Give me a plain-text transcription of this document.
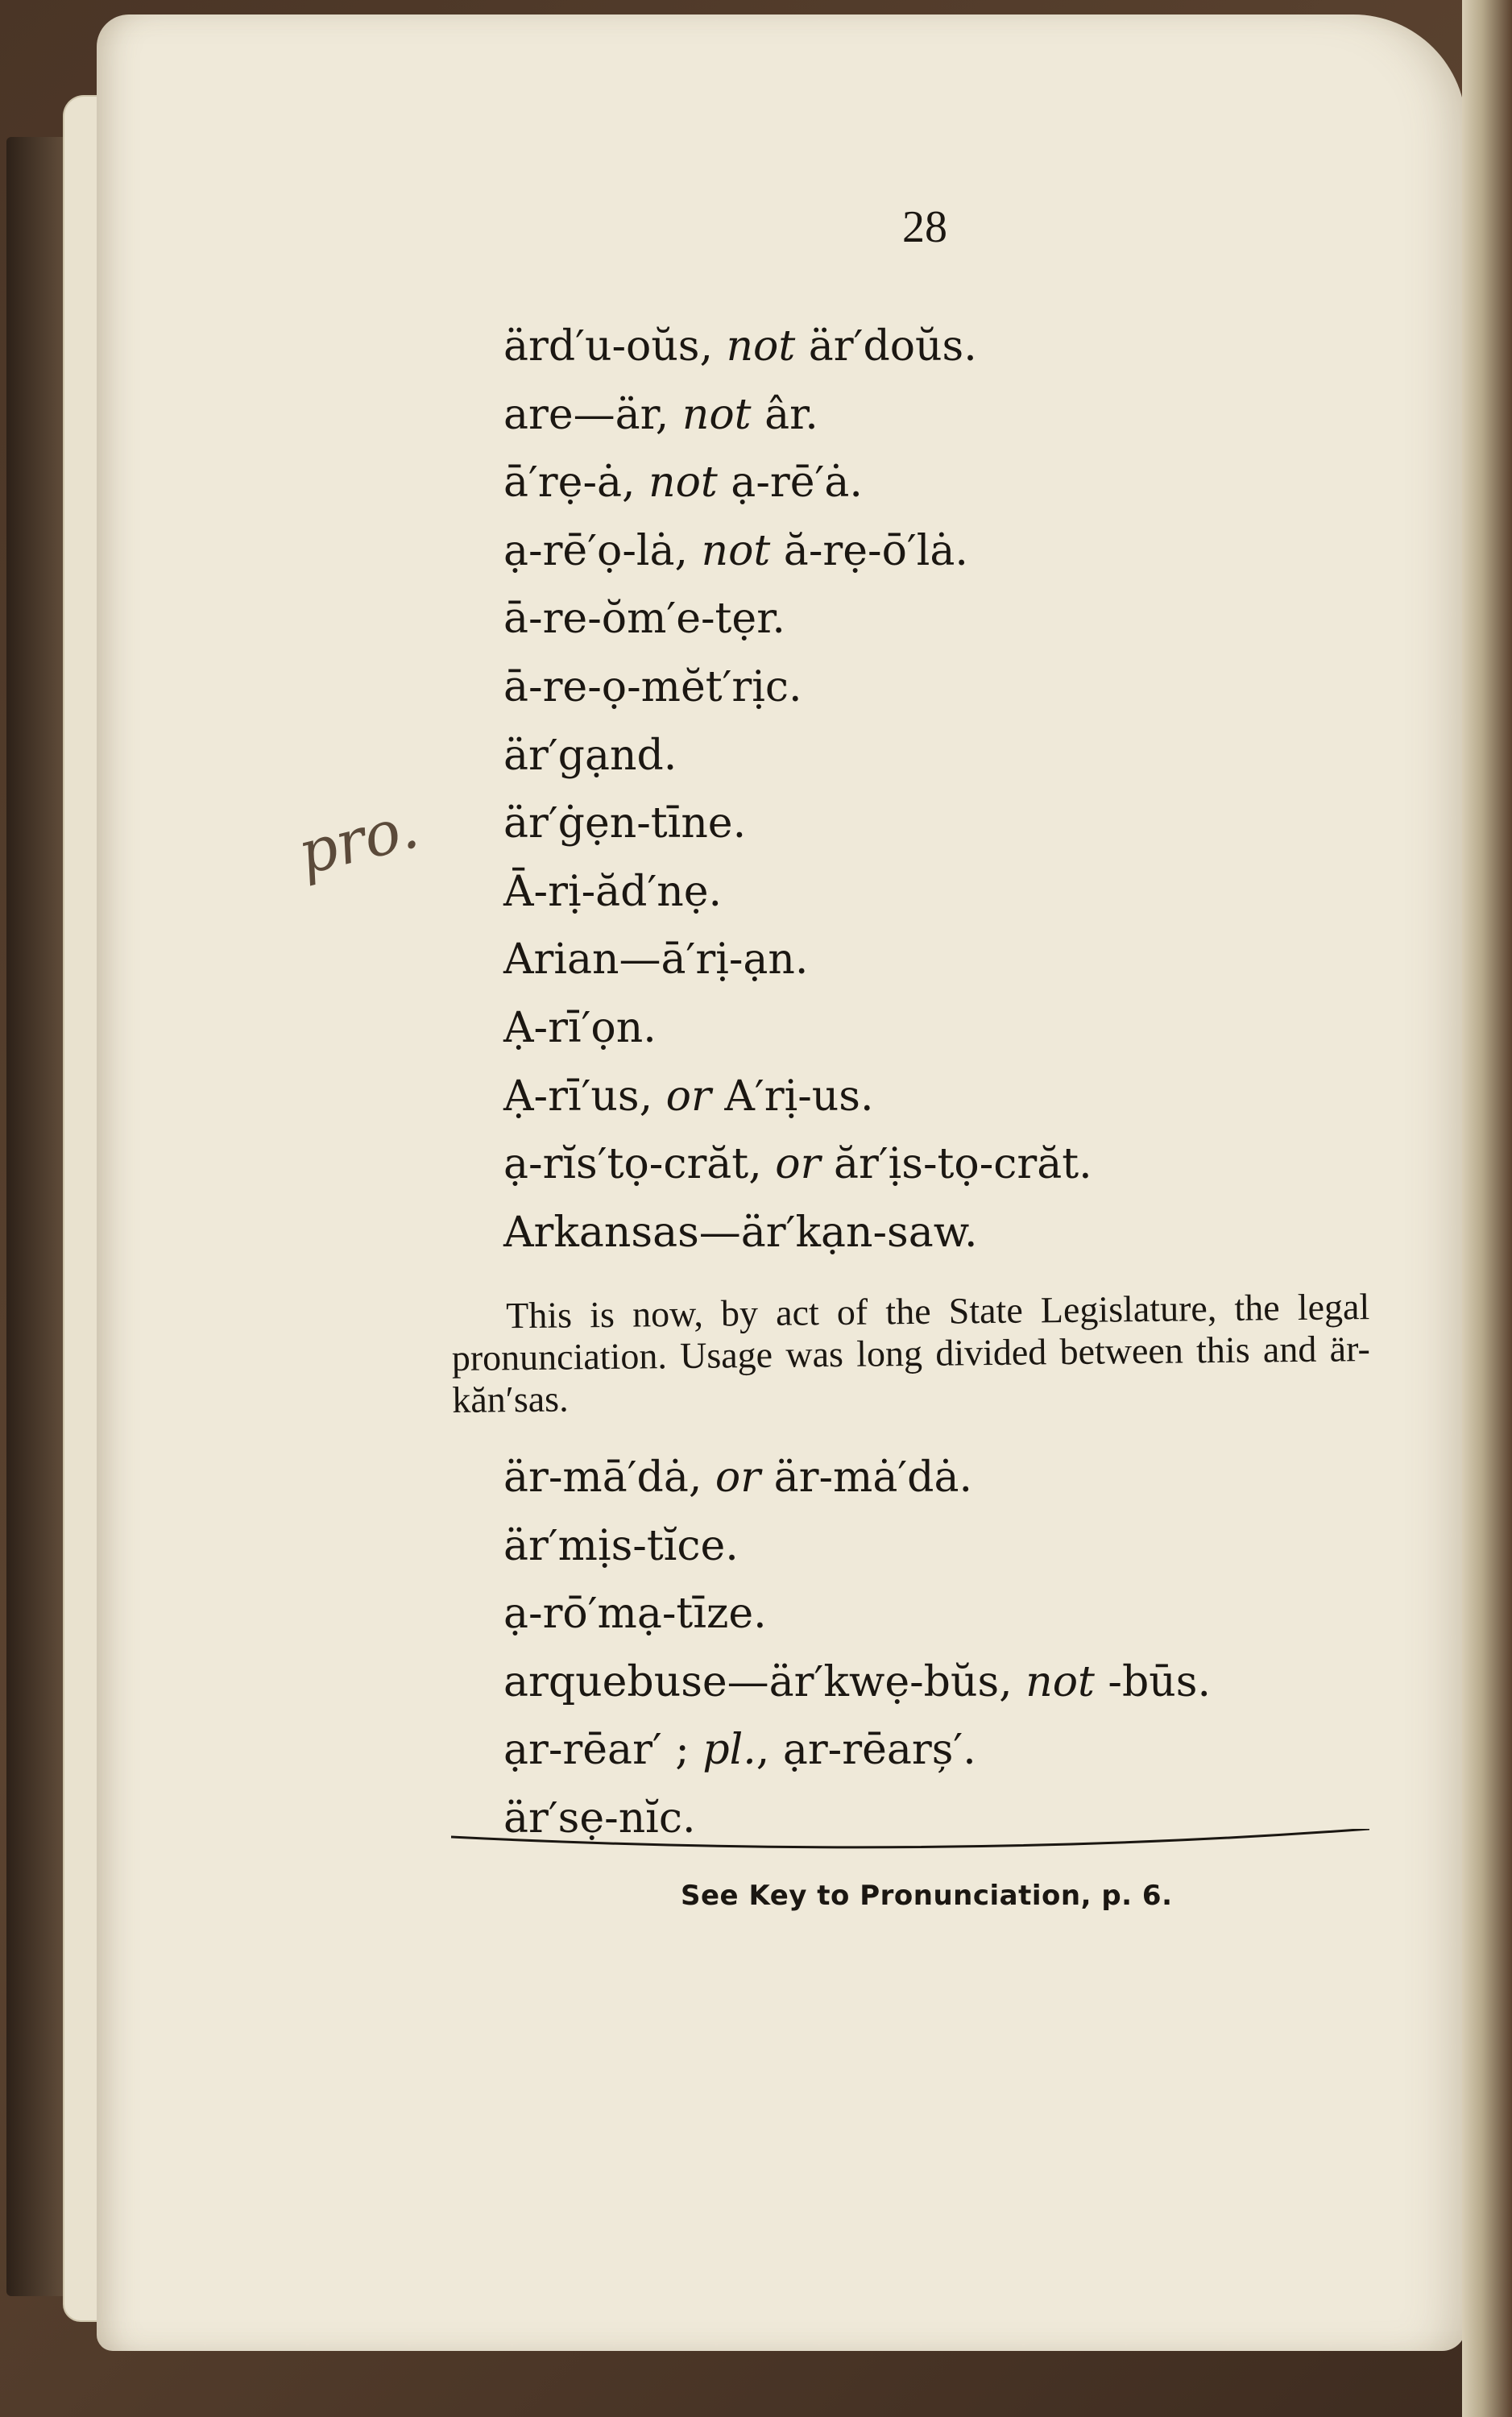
28
ärd′u-oŭs, not är′doŭs.
are—är, not âr.
ā′rẹ-ȧ, not ạ-rē′ȧ.
ạ-rē′ọ-lȧ, not ă-rẹ-ō′lȧ.
ā-re-ŏm′e-tẹr.
ā-re-ọ-mĕt′rịc.
är′gạnd.
är′ġẹn-tīne.
Ā-rị-ăd′nẹ.
Arian—ā′rị-ạn.
Ạ-rī′ọn.
Ạ-rī′us, or A′rị-us.
ạ-rĭs′tọ-crăt, or ăr′ịs-tọ-crăt.
Arkansas—är′kạn-saw.
pro.

This is now, by act of the State Legislature, the legal pronunciation. Usage was long divided between this and är-kăn′sas.

är-mā′dȧ, or är-mȧ′dȧ.
är′mịs-tĭce.
ạ-rō′mạ-tīze.
arquebuse—är′kwẹ-bŭs, not -būs.
ạr-rēar′ ; pl., ạr-rēarș′.
är′sẹ-nĭc.
See Key to Pronunciation, p. 6.
